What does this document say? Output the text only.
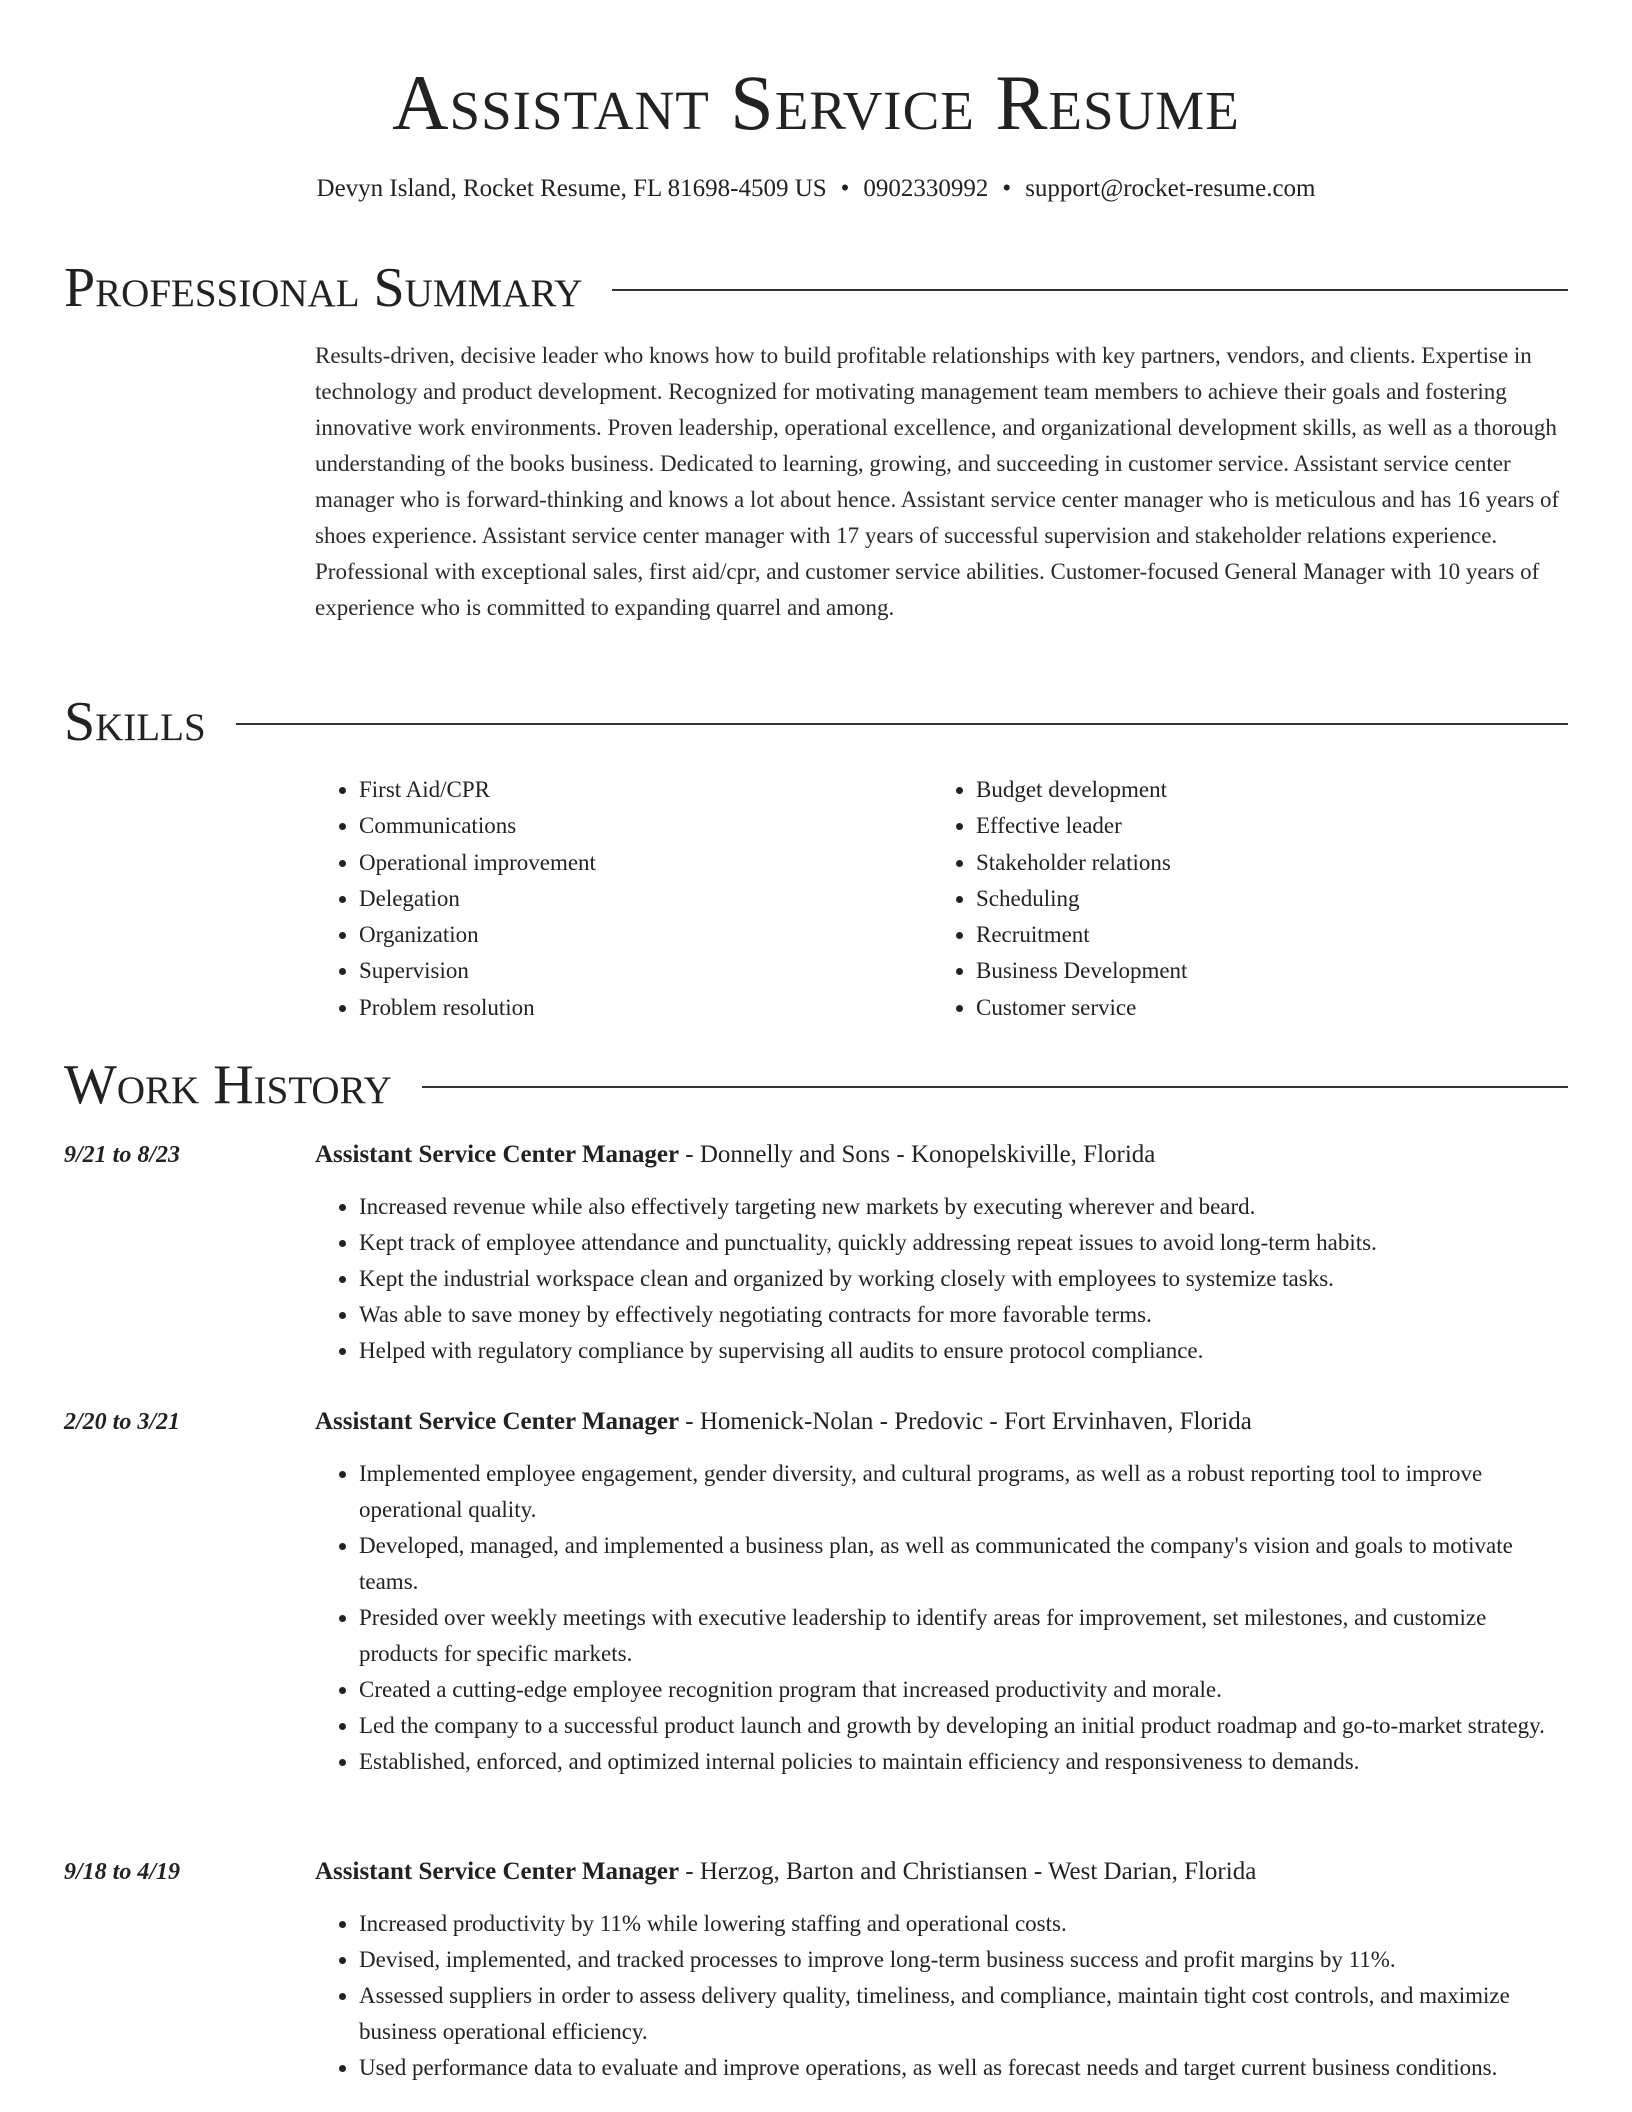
Assistant Service Resume
Devyn Island, Rocket Resume, FL 81698-4509 US • 0902330992 • support@rocket-resume.com
Professional Summary

Results-driven, decisive leader who knows how to build profitable relationships with key partners, vendors, and clients. Expertise in technology and product development. Recognized for motivating management team members to achieve their goals and fostering innovative work environments. Proven leadership, operational excellence, and organizational development skills, as well as a thorough understanding of the books business. Dedicated to learning, growing, and succeeding in customer service. Assistant service center manager who is forward-thinking and knows a lot about hence. Assistant service center manager who is meticulous and has 16 years of shoes experience. Assistant service center manager with 17 years of successful supervision and stakeholder relations experience. Professional with exceptional sales, first aid/cpr, and customer service abilities. Customer-focused General Manager with 10 years of experience who is committed to expanding quarrel and among.

Skills
• First Aid/CPR
• Communications
• Operational improvement
• Delegation
• Organization
• Supervision
• Problem resolution
• Budget development
• Effective leader
• Stakeholder relations
• Scheduling
• Recruitment
• Business Development
• Customer service
Work History
9/21 to 8/23	Assistant Service Center Manager - Donnelly and Sons - Konopelskiville, Florida
• Increased revenue while also effectively targeting new markets by executing wherever and beard.
• Kept track of employee attendance and punctuality, quickly addressing repeat issues to avoid long-term habits.
• Kept the industrial workspace clean and organized by working closely with employees to systemize tasks.
• Was able to save money by effectively negotiating contracts for more favorable terms.
• Helped with regulatory compliance by supervising all audits to ensure protocol compliance.
2/20 to 3/21	Assistant Service Center Manager - Homenick-Nolan - Predovic - Fort Ervinhaven, Florida
• Implemented employee engagement, gender diversity, and cultural programs, as well as a robust reporting tool to improve operational quality.
• Developed, managed, and implemented a business plan, as well as communicated the company's vision and goals to motivate teams.
• Presided over weekly meetings with executive leadership to identify areas for improvement, set milestones, and customize products for specific markets.
• Created a cutting-edge employee recognition program that increased productivity and morale.
• Led the company to a successful product launch and growth by developing an initial product roadmap and go-to-market strategy.
• Established, enforced, and optimized internal policies to maintain efficiency and responsiveness to demands.
9/18 to 4/19	Assistant Service Center Manager - Herzog, Barton and Christiansen - West Darian, Florida
• Increased productivity by 11% while lowering staffing and operational costs.
• Devised, implemented, and tracked processes to improve long-term business success and profit margins by 11%.
• Assessed suppliers in order to assess delivery quality, timeliness, and compliance, maintain tight cost controls, and maximize business operational efficiency.
• Used performance data to evaluate and improve operations, as well as forecast needs and target current business conditions.
